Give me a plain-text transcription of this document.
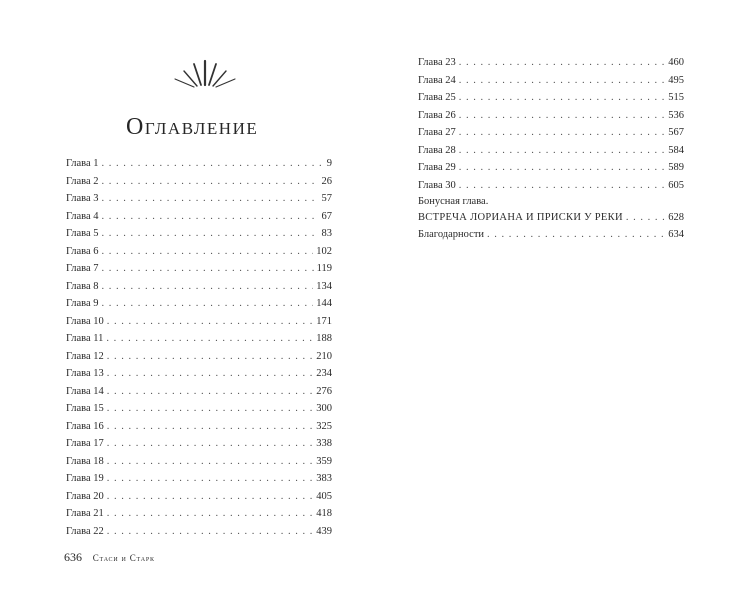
Оглавление
Глава 1 . . .	9
Глава 2 . . .	26
Глава 3 . . .	57
Глава 4 . . .	67
Глава 5 . . .	83
Глава 6 . . .	102
Глава 7 . . .	119
Глава 8 . . .	134
Глава 9 . . .	144
Глава 10 . . .	171
Глава 11 . . .	188
Глава 12 . . .	210
Глава 13 . . .	234
Глава 14 . . .	276
Глава 15 . . .	300
Глава 16 . . .	325
Глава 17 . . .	338
Глава 18 . . .	359
Глава 19 . . .	383
Глава 20 . . .	405
Глава 21 . . .	418
Глава 22 . . .	439
636 Стаси и Старк
Глава 23 . . .	460
Глава 24 . . .	495
Глава 25 . . .	515
Глава 26 . . .	536
Глава 27 . . .	567
Глава 28 . . .	584
Глава 29 . . .	589
Глава 30 . . .	605
Бонусная глава.
ВСТРЕЧА ЛОРИАНА И ПРИСКИ У РЕКИ . . .	628
Благодарности . . .	634
